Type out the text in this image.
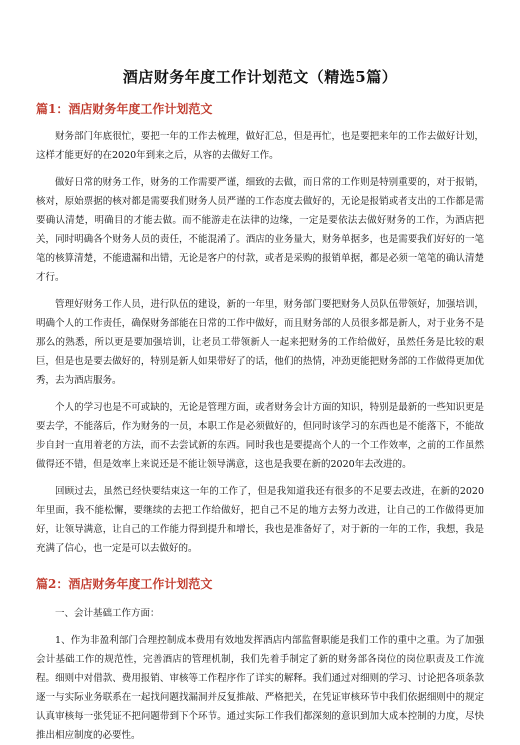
酒店财务年度工作计划范文（精选5篇）
篇1：酒店财务年度工作计划范文

财务部门年底很忙，要把一年的工作去梳理，做好汇总，但是再忙，也是要把来年的工作去做好计划，这样才能更好的在2020年到来之后，从容的去做好工作。

做好日常的财务工作，财务的工作需要严谨，细致的去做，而日常的工作则是特别重要的，对于报销，核对，原始票据的核对都是需要我们财务人员严谨的工作态度去做好的，无论是报销或者支出的工作都是需要确认清楚，明确目的才能去做。而不能游走在法律的边缘，一定是要依法去做好财务的工作，为酒店把关，同时明确各个财务人员的责任，不能混淆了。酒店的业务量大，财务单据多，也是需要我们好好的一笔笔的核算清楚，不能遗漏和出错，无论是客户的付款，或者是采购的报销单据，都是必须一笔笔的确认清楚才行。

管理好财务工作人员，进行队伍的建设，新的一年里，财务部门要把财务人员队伍带领好，加强培训，明确个人的工作责任，确保财务部能在日常的工作中做好，而且财务部的人员很多都是新人，对于业务不是那么的熟悉，所以更是要加强培训，让老员工带领新人一起来把财务的工作给做好，虽然任务是比较的艰巨，但是也是要去做好的，特别是新人如果带好了的话，他们的热情，冲劲更能把财务部的工作做得更加优秀，去为酒店服务。

个人的学习也是不可或缺的，无论是管理方面，或者财务会计方面的知识，特别是最新的一些知识更是要去学，不能落后，作为财务的一员，本职工作是必须做好的，但同时该学习的东西也是不能落下，不能故步自封一直用着老的方法，而不去尝试新的东西。同时我也是要提高个人的一个工作效率，之前的工作虽然做得还不错，但是效率上来说还是不能让领导满意，这也是我要在新的2020年去改进的。

回顾过去，虽然已经快要结束这一年的工作了，但是我知道我还有很多的不足要去改进，在新的2020年里面，我不能松懈，要继续的去把工作给做好，把自己不足的地方去努力改进，让自己的工作做得更加好，让领导满意，让自己的工作能力得到提升和增长，我也是准备好了，对于新的一年的工作，我想，我是充满了信心，也一定是可以去做好的。

篇2：酒店财务年度工作计划范文

一、会计基础工作方面：

1、作为非盈利部门合理控制成本费用有效地发挥酒店内部监督职能是我们工作的重中之重。为了加强会计基础工作的规范性，完善酒店的管理机制，我们先着手制定了新的财务部各岗位的岗位职责及工作流程。细则中对借款、费用报销、审核等工作程序作了详实的解释。我们通过对细则的学习、讨论把各项条款逐一与实际业务联系在一起找问题找漏洞并反复推敲、严格把关，在凭证审核环节中我们依据细则中的规定认真审核每一张凭证不把问题带到下个环节。通过实际工作我们都深刻的意识到加大成本控制的力度，尽快推出相应制度的必要性。
